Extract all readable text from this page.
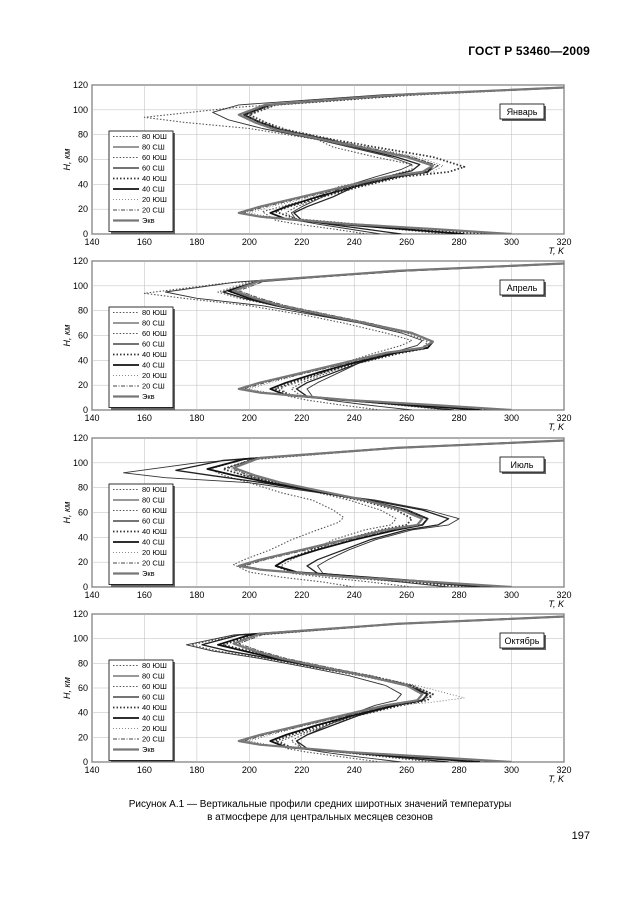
ГОСТ Р 53460—2009
140	160	180	200	220	240	260	280	300	320
0
20
40
60
80
100
120
T, K
H, км
Январь
80 ЮШ
80 СШ
60 ЮШ
60 СШ
40 ЮШ
40 СШ
20 ЮШ
20 СШ
Экв
140	160	180	200	220	240	260	280	300	320
0
20
40
60
80
100
120
T, K
H, км
Апрель
80 ЮШ
80 СШ
60 ЮШ
60 СШ
40 ЮШ
40 СШ
20 ЮШ
20 СШ
Экв
140	160	180	200	220	240	260	280	300	320
0
20
40
60
80
100
120
T, K
H, км
Июль
80 ЮШ
80 СШ
60 ЮШ
60 СШ
40 ЮШ
40 СШ
20 ЮШ
20 СШ
Экв
140	160	180	200	220	240	260	280	300	320
0
20
40
60
80
100
120
T, K
H, км
Октябрь
80 ЮШ
80 СШ
60 ЮШ
60 СШ
40 ЮШ
40 СШ
20 ЮШ
20 СШ
Экв
Рисунок А.1 — Вертикальные профили средних широтных значений температуры
в атмосфере для центральных месяцев сезонов
197
